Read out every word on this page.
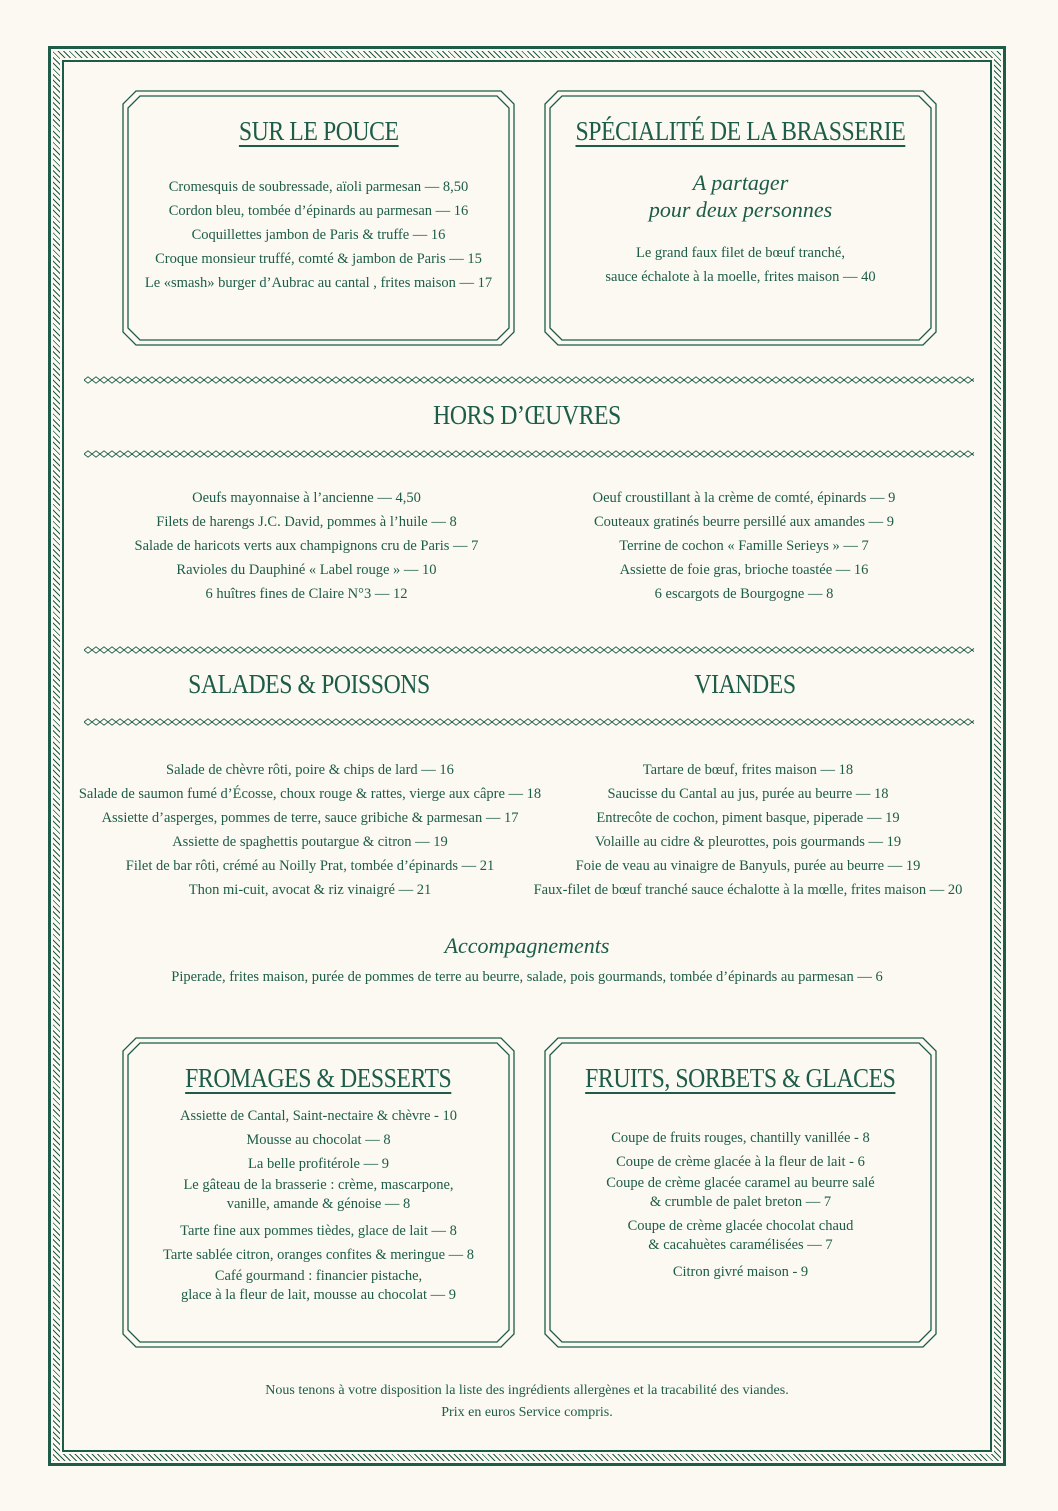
SUR LE POUCE
Cromesquis de soubressade, aïoli parmesan — 8,50
Cordon bleu, tombée d’épinards au parmesan — 16
Coquillettes jambon de Paris & truffe — 16
Croque monsieur truffé, comté & jambon de Paris — 15
Le «smash» burger d’Aubrac au cantal , frites maison — 17
SPÉCIALITÉ DE LA BRASSERIE
A partager
pour deux personnes
Le grand faux filet de bœuf tranché,
sauce échalote à la moelle, frites maison — 40
HORS D’ŒUVRES
Oeufs mayonnaise à l’ancienne — 4,50
Filets de harengs J.C. David, pommes à l’huile — 8
Salade de haricots verts aux champignons cru de Paris — 7
Ravioles du Dauphiné « Label rouge » — 10
6 huîtres fines de Claire N°3 — 12
Oeuf croustillant à la crème de comté, épinards — 9
Couteaux gratinés beurre persillé aux amandes — 9
Terrine de cochon « Famille Serieys » — 7
Assiette de foie gras, brioche toastée — 16
6 escargots de Bourgogne — 8
SALADES & POISSONS	VIANDES
Salade de chèvre rôti, poire & chips de lard — 16
Salade de saumon fumé d’Écosse, choux rouge & rattes, vierge aux câpre — 18
Assiette d’asperges, pommes de terre, sauce gribiche & parmesan — 17
Assiette de spaghettis poutargue & citron — 19
Filet de bar rôti, crémé au Noilly Prat, tombée d’épinards — 21
Thon mi-cuit, avocat & riz vinaigré — 21
Tartare de bœuf, frites maison — 18
Saucisse du Cantal au jus, purée au beurre — 18
Entrecôte de cochon, piment basque, piperade — 19
Volaille au cidre & pleurottes, pois gourmands — 19
Foie de veau au vinaigre de Banyuls, purée au beurre — 19
Faux-filet de bœuf tranché sauce échalotte à la mœlle, frites maison — 20
Accompagnements
Piperade, frites maison, purée de pommes de terre au beurre, salade, pois gourmands, tombée d’épinards au parmesan — 6
FROMAGES & DESSERTS
Assiette de Cantal, Saint-nectaire & chèvre - 10
Mousse au chocolat — 8
La belle profitérole — 9
Le gâteau de la brasserie : crème, mascarpone,
vanille, amande & génoise — 8
Tarte fine aux pommes tièdes, glace de lait — 8
Tarte sablée citron, oranges confites & meringue — 8
Café gourmand : financier pistache,
glace à la fleur de lait, mousse au chocolat — 9
FRUITS, SORBETS & GLACES
Coupe de fruits rouges, chantilly vanillée - 8
Coupe de crème glacée à la fleur de lait - 6
Coupe de crème glacée caramel au beurre salé
& crumble de palet breton — 7
Coupe de crème glacée chocolat chaud
& cacahuètes caramélisées — 7
Citron givré maison - 9
Nous tenons à votre disposition la liste des ingrédients allergènes et la tracabilité des viandes.
Prix en euros Service compris.
